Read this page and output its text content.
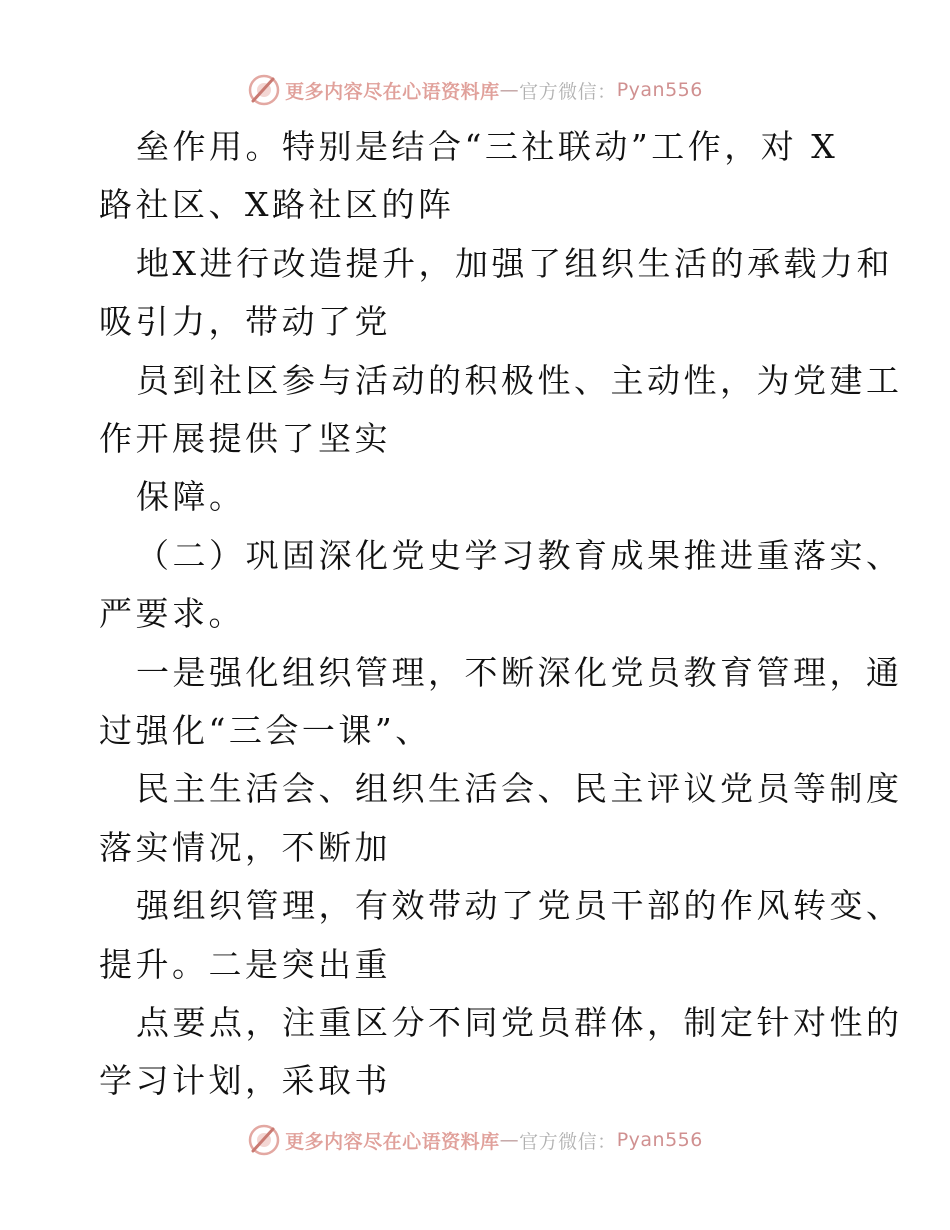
更多内容尽在心语资料库 — 官方微信： Pyan556
垒作用。特别是结合“三社联动”工作，对 X
路社区、X路社区的阵
地X进行改造提升，加强了组织生活的承载力和
吸引力，带动了党
员到社区参与活动的积极性、主动性，为党建工
作开展提供了坚实
保障。
（二）巩固深化党史学习教育成果推进重落实、
严要求。
一是强化组织管理，不断深化党员教育管理，通
过强化“三会一课”、
民主生活会、组织生活会、民主评议党员等制度
落实情况，不断加
强组织管理，有效带动了党员干部的作风转变、
提升。二是突出重
点要点，注重区分不同党员群体，制定针对性的
学习计划，采取书
更多内容尽在心语资料库 — 官方微信： Pyan556
